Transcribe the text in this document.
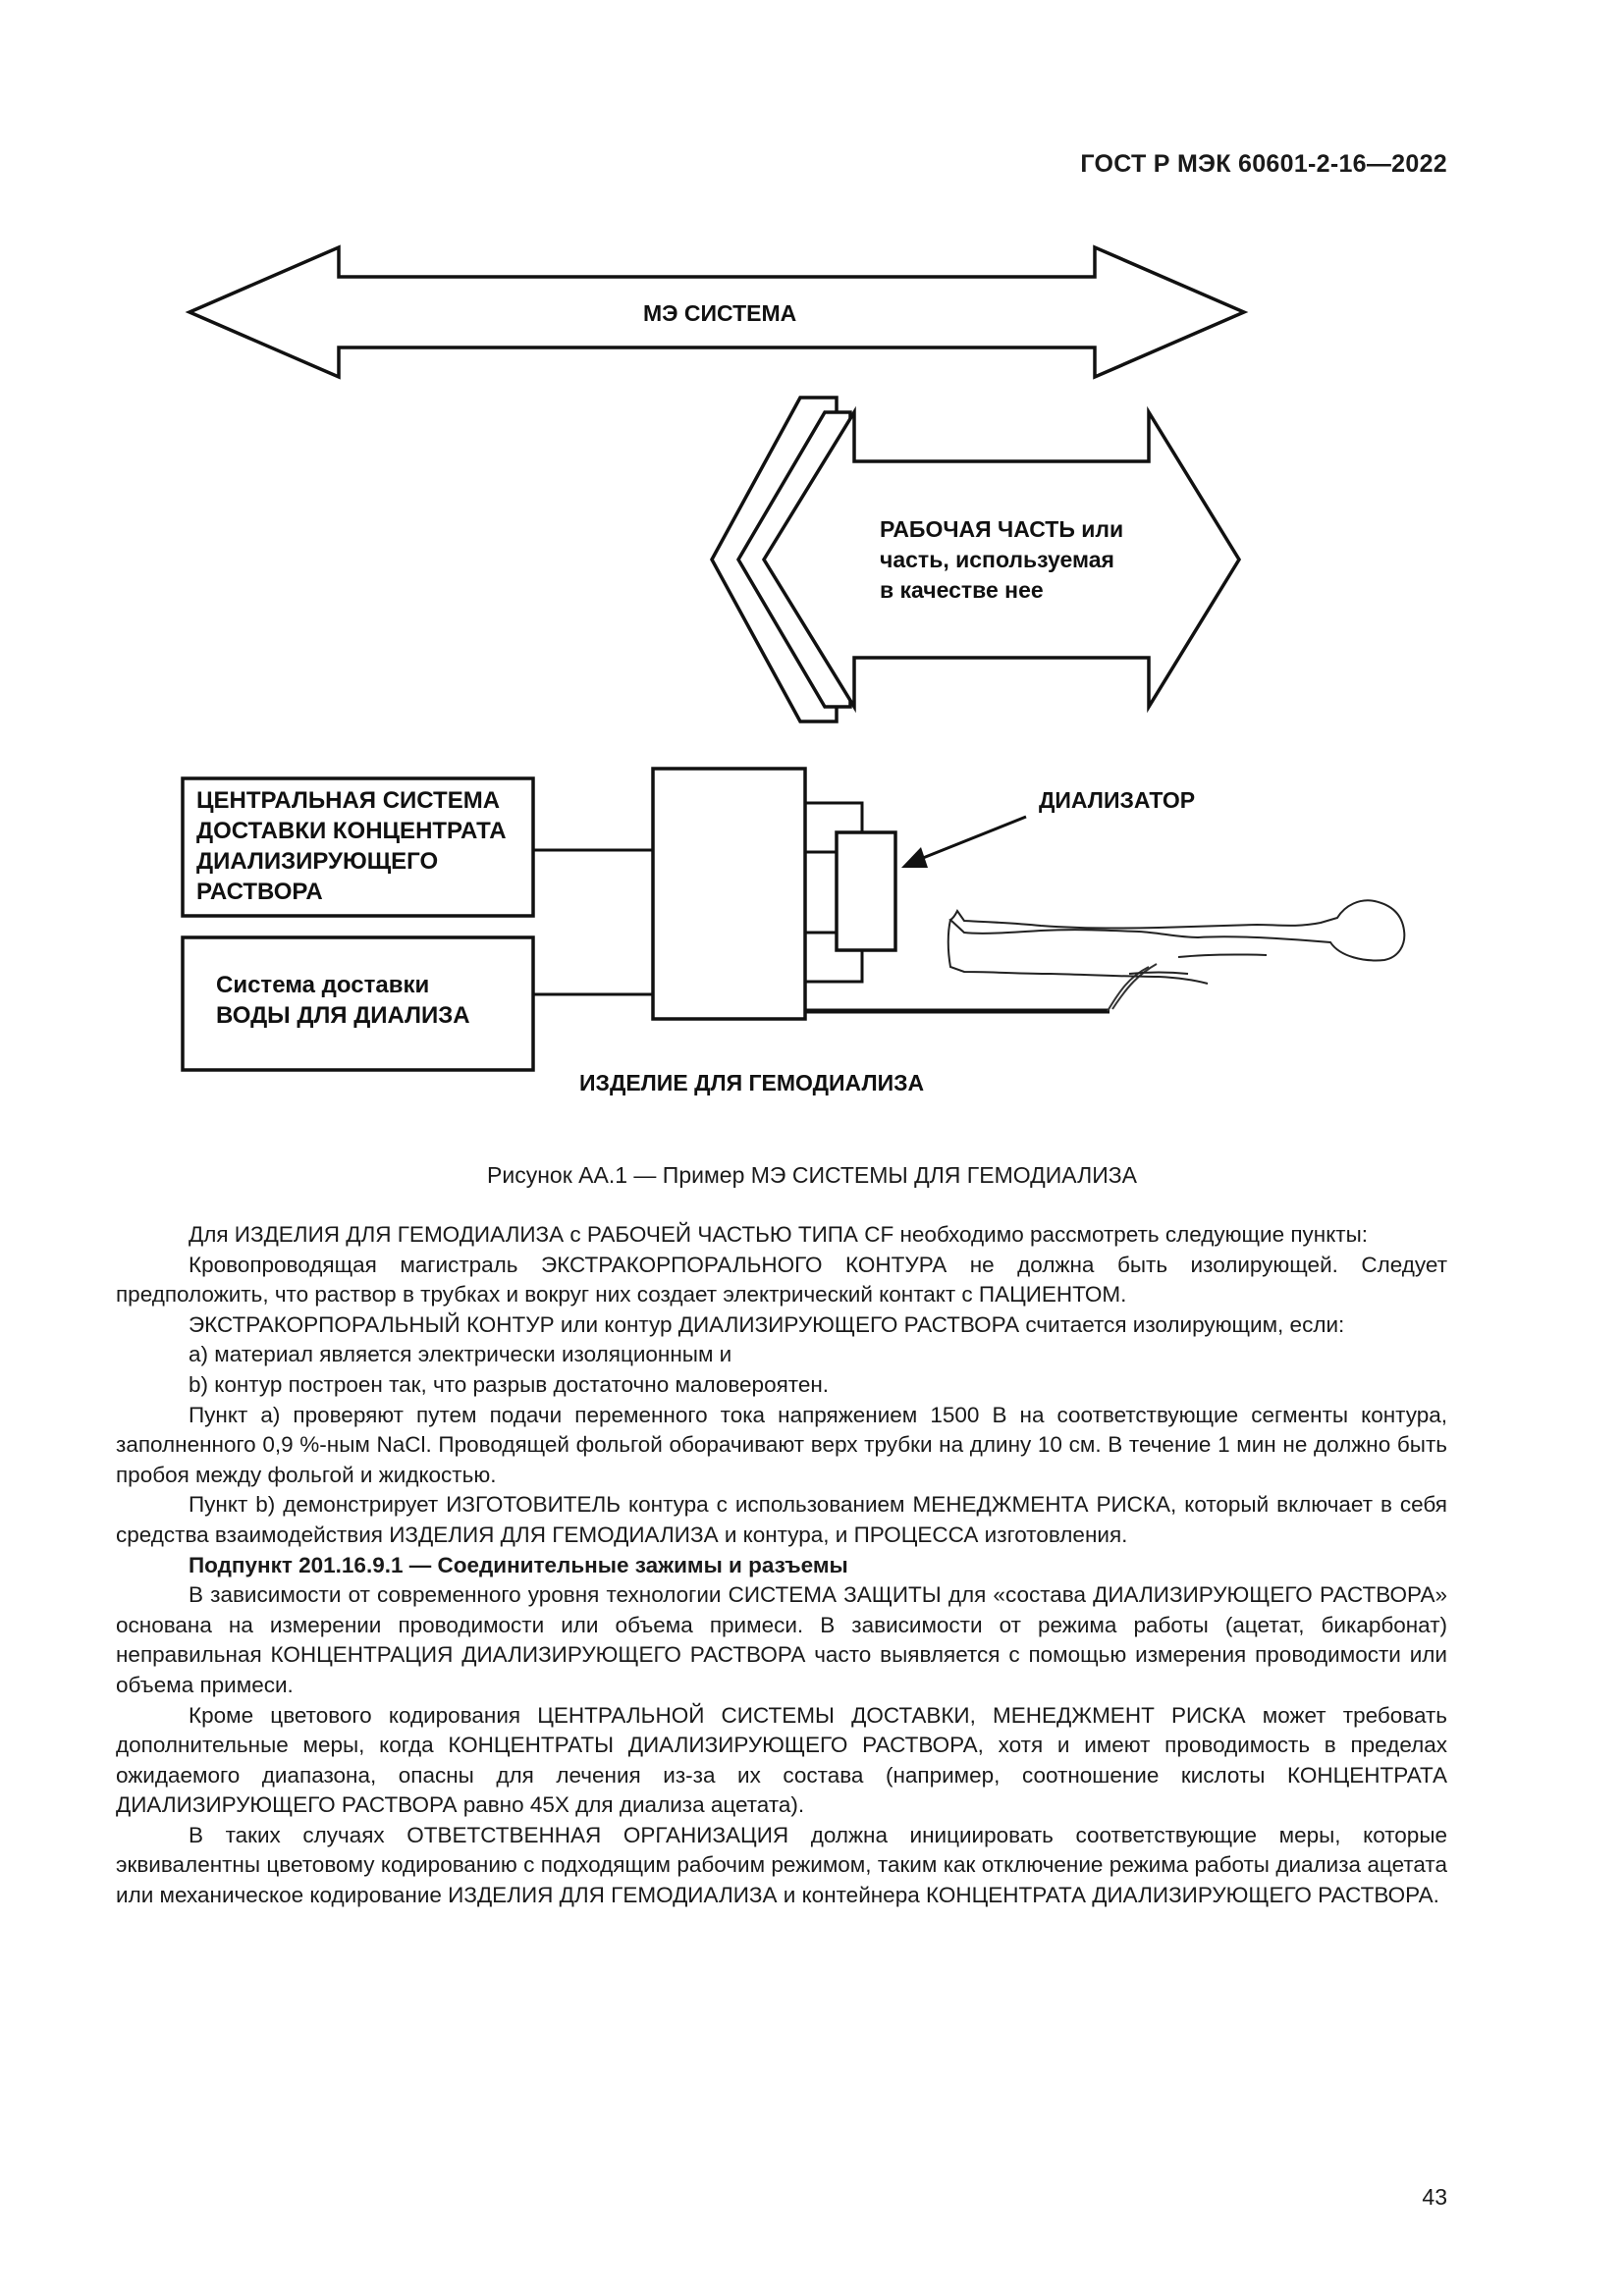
ГОСТ Р МЭК 60601-2-16—2022
МЭ СИСТЕМА
РАБОЧАЯ ЧАСТЬ или
часть, используемая
в качестве нее
ЦЕНТРАЛЬНАЯ СИСТЕМА
ДОСТАВКИ КОНЦЕНТРАТА
ДИАЛИЗИРУЮЩЕГО
РАСТВОРА
Система доставки
ВОДЫ ДЛЯ ДИАЛИЗА
ДИАЛИЗАТОР
ИЗДЕЛИЕ ДЛЯ ГЕМОДИАЛИЗА
Рисунок АА.1 — Пример МЭ СИСТЕМЫ ДЛЯ ГЕМОДИАЛИЗА

Для ИЗДЕЛИЯ ДЛЯ ГЕМОДИАЛИЗА с РАБОЧЕЙ ЧАСТЬЮ ТИПА CF необходимо рассмотреть следующие пункты:

Кровопроводящая магистраль ЭКСТРАКОРПОРАЛЬНОГО КОНТУРА не должна быть изолирующей. Следует предположить, что раствор в трубках и вокруг них создает электрический контакт с ПАЦИЕНТОМ.

ЭКСТРАКОРПОРАЛЬНЫЙ КОНТУР или контур ДИАЛИЗИРУЮЩЕГО РАСТВОРА считается изолирующим, если:

a) материал является электрически изоляционным и

b) контур построен так, что разрыв достаточно маловероятен.

Пункт а) проверяют путем подачи переменного тока напряжением 1500 В на соответствующие сегменты контура, заполненного 0,9 %-ным NaCl. Проводящей фольгой оборачивают верх трубки на длину 10 см. В течение 1 мин не должно быть пробоя между фольгой и жидкостью.

Пункт b) демонстрирует ИЗГОТОВИТЕЛЬ контура с использованием МЕНЕДЖМЕНТА РИСКА, который включает в себя средства взаимодействия ИЗДЕЛИЯ ДЛЯ ГЕМОДИАЛИЗА и контура, и ПРОЦЕССА изготовления.

Подпункт 201.16.9.1 — Соединительные зажимы и разъемы

В зависимости от современного уровня технологии СИСТЕМА ЗАЩИТЫ для «состава ДИАЛИЗИРУЮЩЕГО РАСТВОРА» основана на измерении проводимости или объема примеси. В зависимости от режима работы (ацетат, бикарбонат) неправильная КОНЦЕНТРАЦИЯ ДИАЛИЗИРУЮЩЕГО РАСТВОРА часто выявляется с помощью измерения проводимости или объема примеси.

Кроме цветового кодирования ЦЕНТРАЛЬНОЙ СИСТЕМЫ ДОСТАВКИ, МЕНЕДЖМЕНТ РИСКА может требовать дополнительные меры, когда КОНЦЕНТРАТЫ ДИАЛИЗИРУЮЩЕГО РАСТВОРА, хотя и имеют проводимость в пределах ожидаемого диапазона, опасны для лечения из-за их состава (например, соотношение кислоты КОНЦЕНТРАТА ДИАЛИЗИРУЮЩЕГО РАСТВОРА равно 45X для диализа ацетата).

В таких случаях ОТВЕТСТВЕННАЯ ОРГАНИЗАЦИЯ должна инициировать соответствующие меры, которые эквивалентны цветовому кодированию с подходящим рабочим режимом, таким как отключение режима работы диализа ацетата или механическое кодирование ИЗДЕЛИЯ ДЛЯ ГЕМОДИАЛИЗА и контейнера КОНЦЕНТРАТА ДИАЛИЗИРУЮЩЕГО РАСТВОРА.

43
